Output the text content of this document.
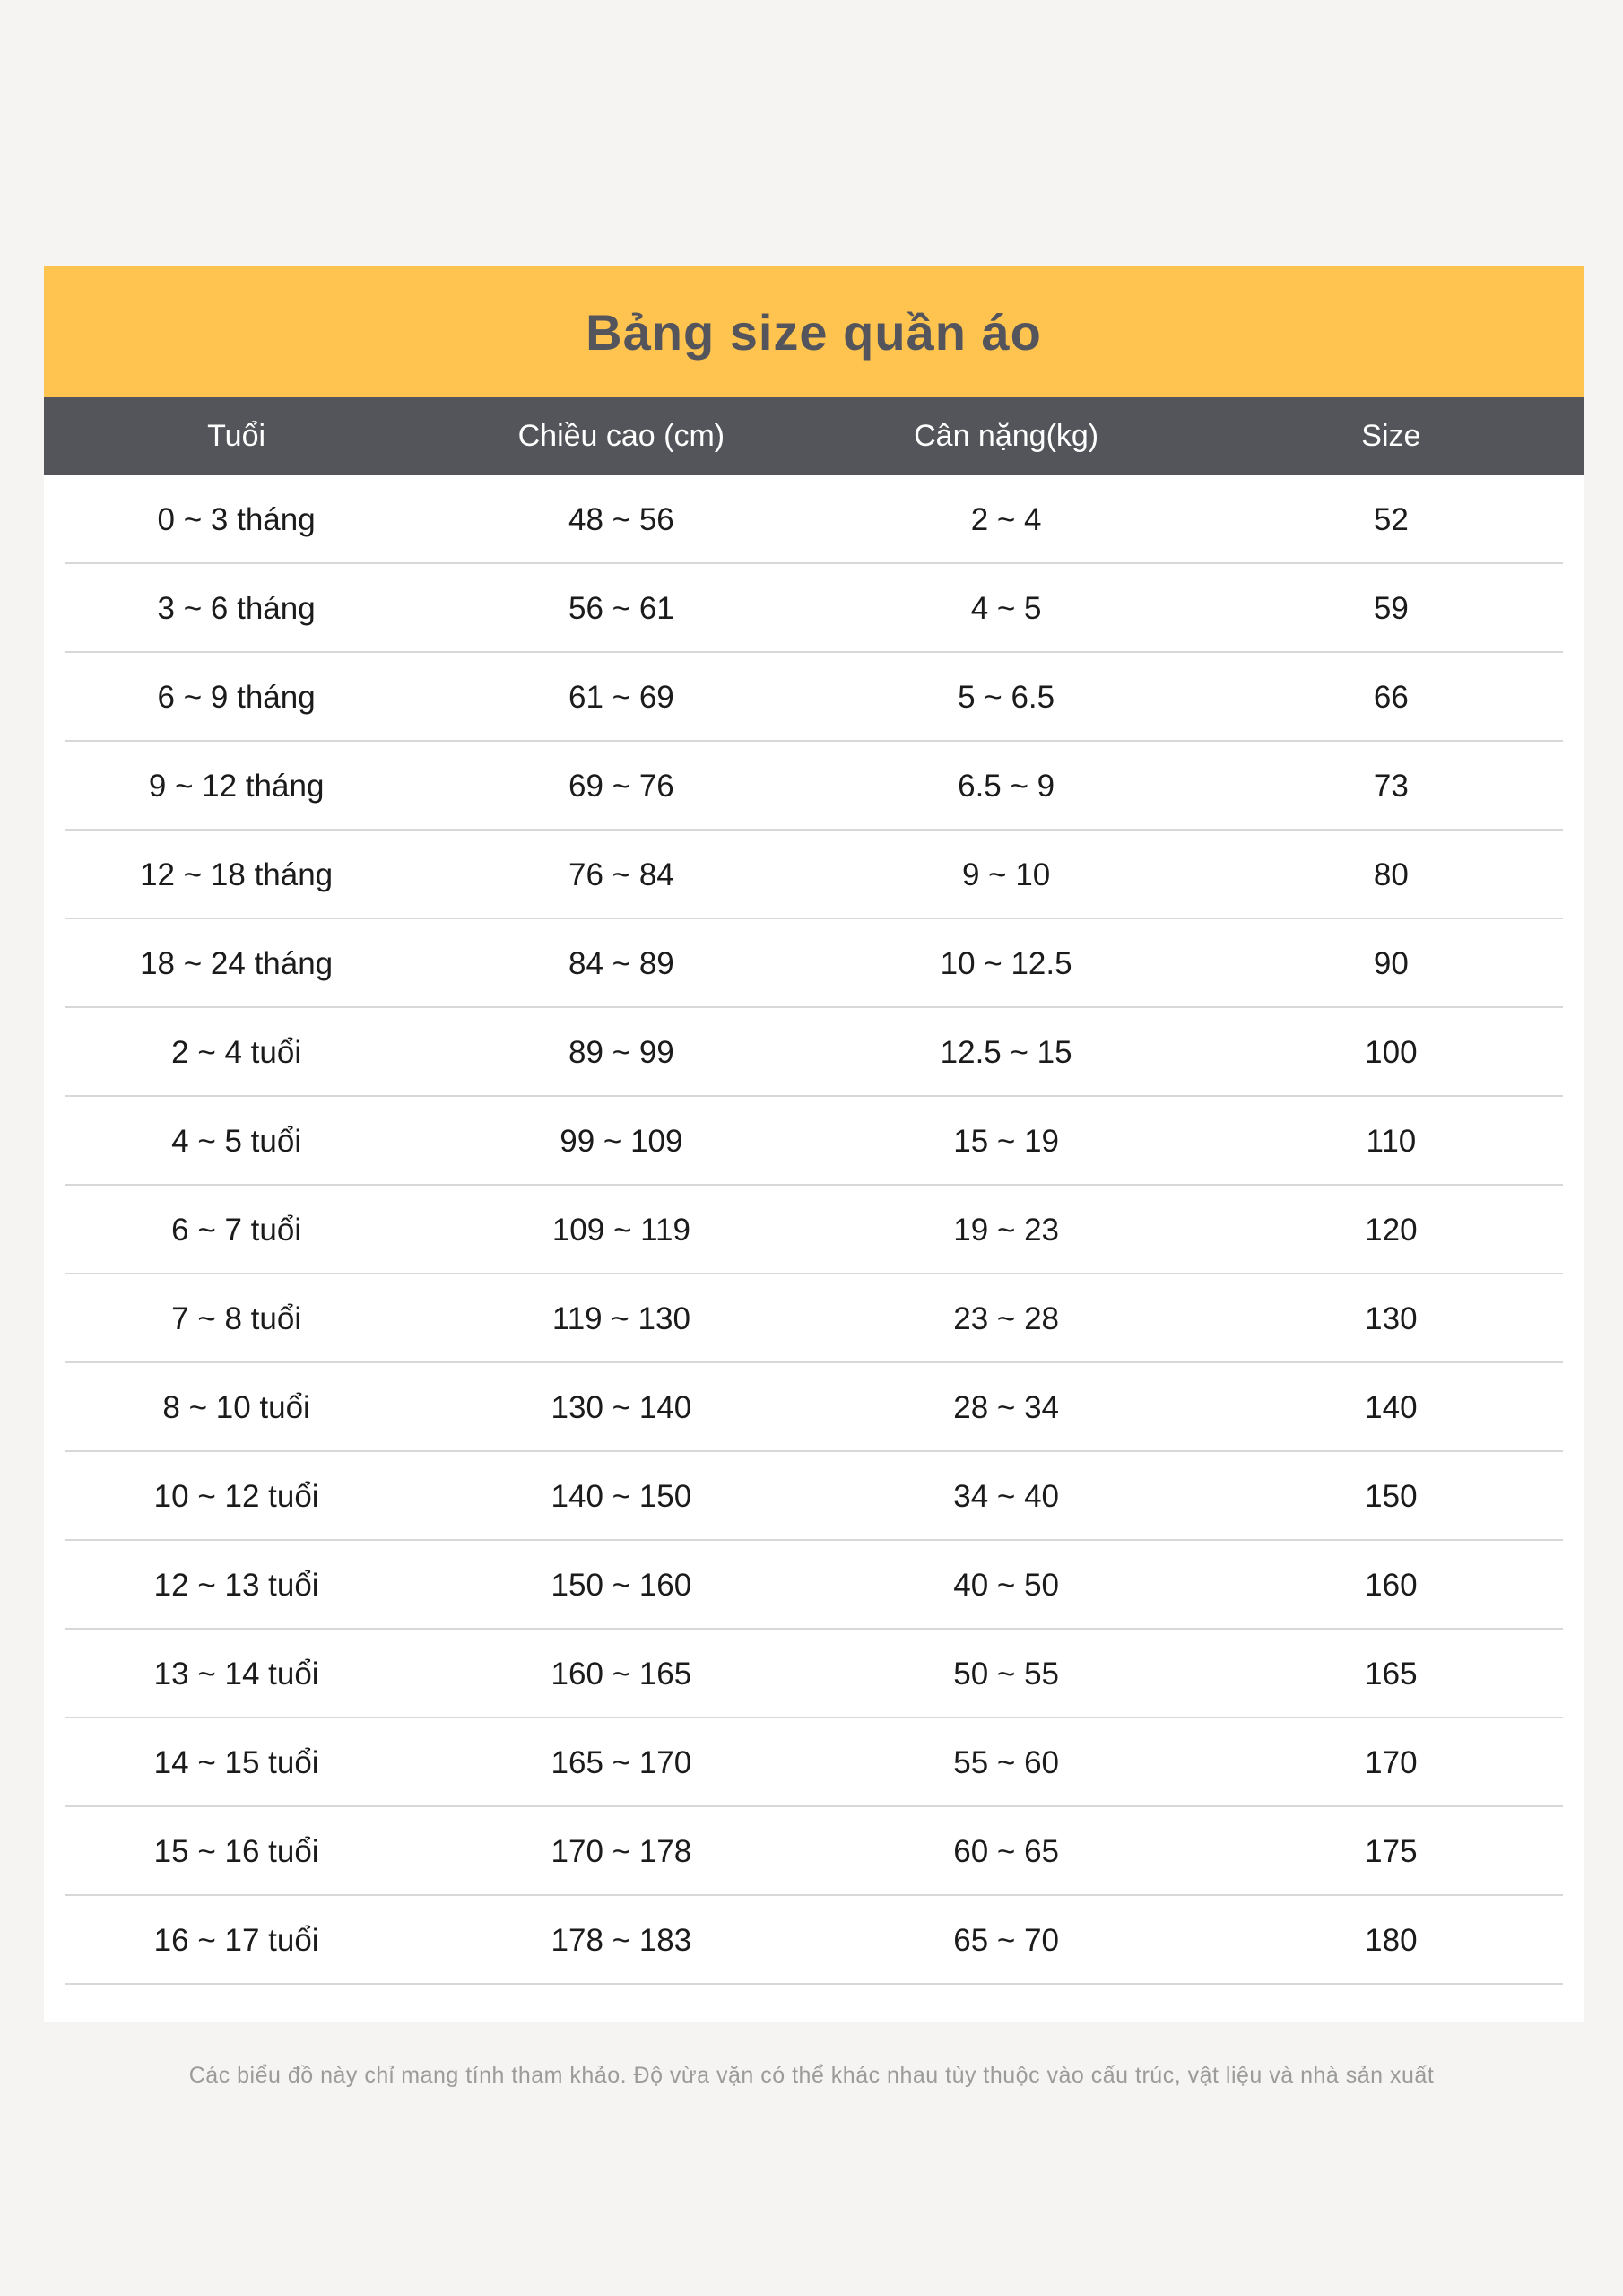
Bảng size quần áo
Tuổi	Chiều cao (cm)	Cân nặng(kg)	Size
0 ~ 3 tháng	48 ~ 56	2 ~ 4	52
3 ~ 6 tháng	56 ~ 61	4 ~ 5	59
6 ~ 9 tháng	61 ~ 69	5 ~ 6.5	66
9 ~ 12 tháng	69 ~ 76	6.5 ~ 9	73
12 ~ 18 tháng	76 ~ 84	9 ~ 10	80
18 ~ 24 tháng	84 ~ 89	10 ~ 12.5	90
2 ~ 4 tuổi	89 ~ 99	12.5 ~ 15	100
4 ~ 5 tuổi	99 ~ 109	15 ~ 19	110
6 ~ 7 tuổi	109 ~ 119	19 ~ 23	120
7 ~ 8 tuổi	119 ~ 130	23 ~ 28	130
8 ~ 10 tuổi	130 ~ 140	28 ~ 34	140
10 ~ 12 tuổi	140 ~ 150	34 ~ 40	150
12 ~ 13 tuổi	150 ~ 160	40 ~ 50	160
13 ~ 14 tuổi	160 ~ 165	50 ~ 55	165
14 ~ 15 tuổi	165 ~ 170	55 ~ 60	170
15 ~ 16 tuổi	170 ~ 178	60 ~ 65	175
16 ~ 17 tuổi	178 ~ 183	65 ~ 70	180
Các biểu đồ này chỉ mang tính tham khảo. Độ vừa vặn có thể khác nhau tùy thuộc vào cấu trúc, vật liệu và nhà sản xuất
